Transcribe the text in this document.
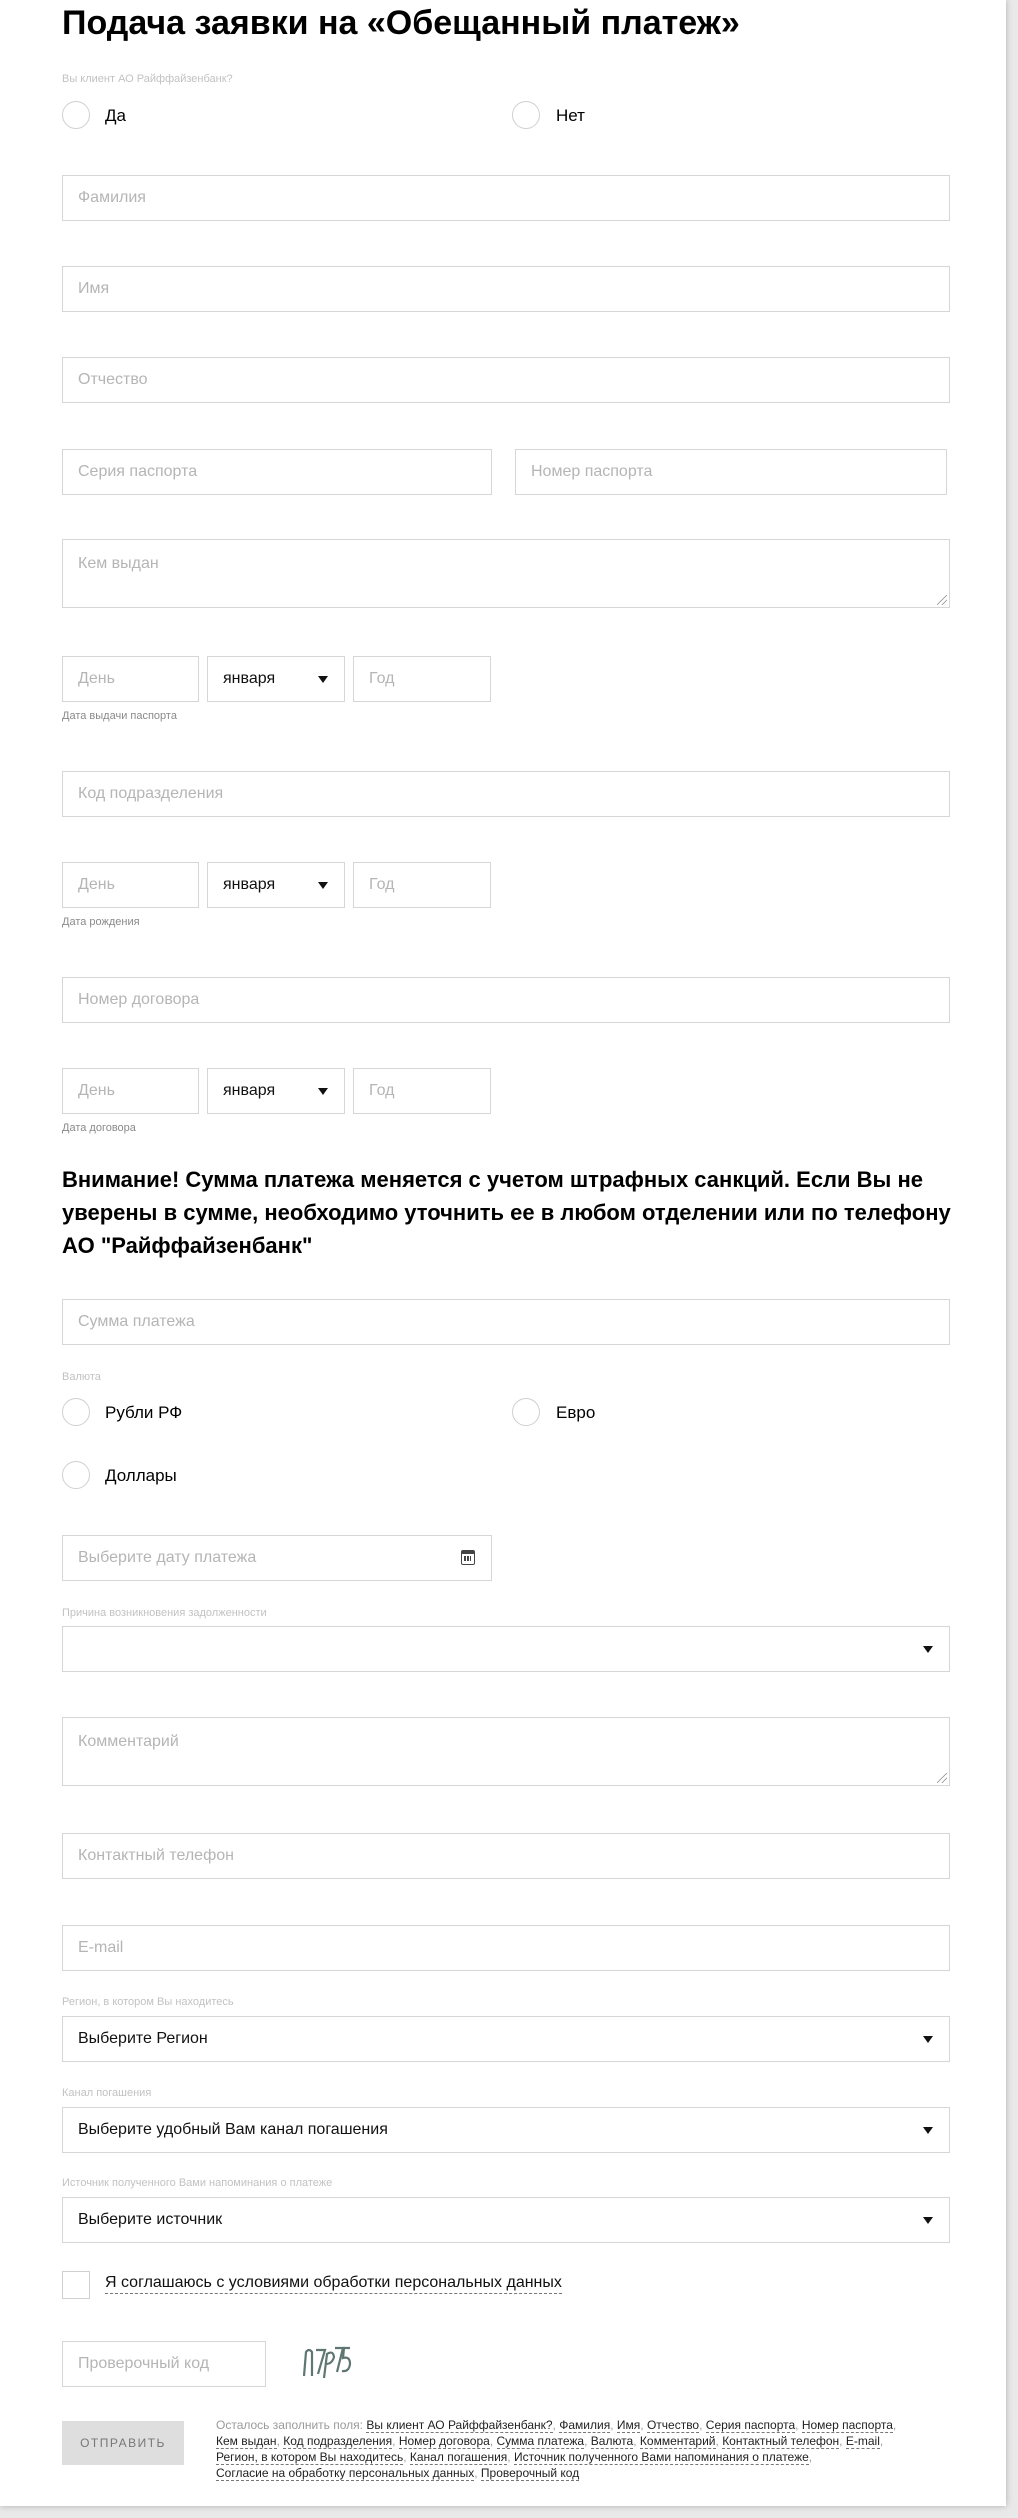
Подача заявки на «Обещанный платеж»
Вы клиент АО Райффайзенбанк?
Да	Нет
Фамилия
Имя
Отчество
Серия паспорта	Номер паспорта
Кем выдан
День	января	Год
Дата выдачи паспорта
Код подразделения
День	января	Год
Дата рождения
Номер договора
День	января	Год
Дата договора

Внимание! Сумма платежа меняется с учетом штрафных санкций. Если Вы не уверены в сумме, необходимо уточнить ее в любом отделении или по телефону АО "Райффайзенбанк"

Сумма платежа
Валюта
Рубли РФ	Евро
Доллары
Выберите дату платежа
Причина возникновения задолженности
Комментарий
Контактный телефон
E-mail
Регион, в котором Вы находитесь
Выберите Регион
Канал погашения
Выберите удобный Вам канал погашения
Источник полученного Вами напоминания о платеже
Выберите источник
Я соглашаюсь с условиями обработки персональных данных
Проверочный код
ОТПРАВИТЬ
Осталось заполнить поля: Вы клиент АО Райффайзенбанк?, Фамилия, Имя, Отчество, Серия паспорта, Номер паспорта, Кем выдан, Код подразделения, Номер договора, Сумма платежа, Валюта, Комментарий, Контактный телефон, E-mail, Регион, в котором Вы находитесь, Канал погашения, Источник полученного Вами напоминания о платеже, Согласие на обработку персональных данных, Проверочный код
